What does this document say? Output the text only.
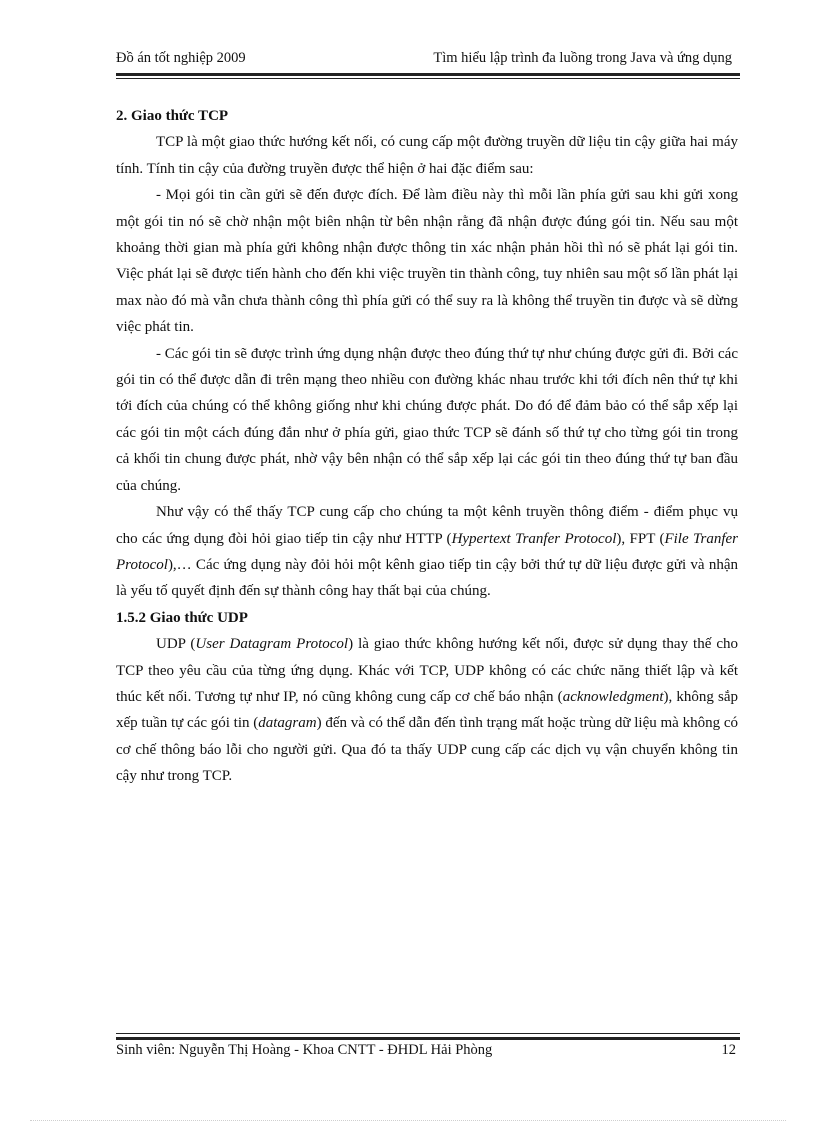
Đồ án tốt nghiệp 2009	Tìm hiểu lập trình đa luồng trong Java và ứng dụng
2. Giao thức TCP

TCP là một giao thức hướng kết nối, có cung cấp một đường truyền dữ liệu tin cậy giữa hai máy tính. Tính tin cậy của đường truyền được thể hiện ở hai đặc điểm sau:

- Mọi gói tin cần gửi sẽ đến được đích. Để làm điều này thì mỗi lần phía gửi sau khi gửi xong một gói tin nó sẽ chờ nhận một biên nhận từ bên nhận rằng đã nhận được đúng gói tin. Nếu sau một khoảng thời gian mà phía gửi không nhận được thông tin xác nhận phản hồi thì nó sẽ phát lại gói tin. Việc phát lại sẽ được tiến hành cho đến khi việc truyền tin thành công, tuy nhiên sau một số lần phát lại max nào đó mà vẫn chưa thành công thì phía gửi có thể suy ra là không thể truyền tin được và sẽ dừng việc phát tin.

- Các gói tin sẽ được trình ứng dụng nhận được theo đúng thứ tự như chúng được gửi đi. Bởi các gói tin có thể được dẫn đi trên mạng theo nhiều con đường khác nhau trước khi tới đích nên thứ tự khi tới đích của chúng có thể không giống như khi chúng được phát. Do đó để đảm bảo có thể sắp xếp lại các gói tin một cách đúng đắn như ở phía gửi, giao thức TCP sẽ đánh số thứ tự cho từng gói tin trong cả khối tin chung được phát, nhờ vậy bên nhận có thể sắp xếp lại các gói tin theo đúng thứ tự ban đầu của chúng.

Như vậy có thể thấy TCP cung cấp cho chúng ta một kênh truyền thông điểm - điểm phục vụ cho các ứng dụng đòi hỏi giao tiếp tin cậy như HTTP (Hypertext Tranfer Protocol), FPT (File Tranfer Protocol),… Các ứng dụng này đỏi hỏi một kênh giao tiếp tin cậy bởi thứ tự dữ liệu được gửi và nhận là yếu tố quyết định đến sự thành công hay thất bại của chúng.

1.5.2 Giao thức UDP

UDP (User Datagram Protocol) là giao thức không hướng kết nối, được sử dụng thay thế cho TCP theo yêu cầu của từng ứng dụng. Khác với TCP, UDP không có các chức năng thiết lập và kết thúc kết nối. Tương tự như IP, nó cũng không cung cấp cơ chế báo nhận (acknowledgment), không sắp xếp tuần tự các gói tin (datagram) đến và có thể dẫn đến tình trạng mất hoặc trùng dữ liệu mà không có cơ chế thông báo lỗi cho người gửi. Qua đó ta thấy UDP cung cấp các dịch vụ vận chuyển không tin cậy như trong TCP.

Sinh viên: Nguyễn Thị Hoàng - Khoa CNTT - ĐHDL Hải Phòng	12
